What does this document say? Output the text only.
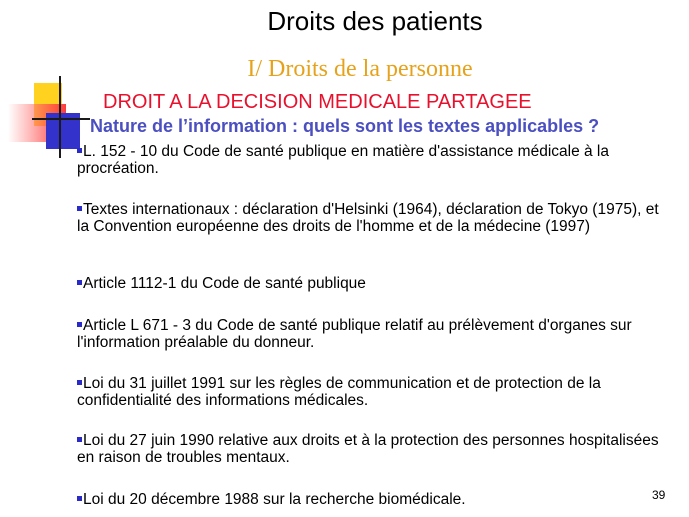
Droits des patients
I/ Droits de la personne
DROIT A LA DECISION MEDICALE PARTAGEE
Nature de l’information : quels sont les textes applicables ?
L. 152 - 10 du Code de santé publique en matière d'assistance médicale à la procréation.
Textes internationaux : déclaration d'Helsinki (1964), déclaration de Tokyo (1975), et la Convention européenne des droits de l'homme et de la médecine (1997)
Article 1112-1 du Code de santé publique
Article L 671 - 3 du Code de santé publique relatif au prélèvement d'organes sur l'information préalable du donneur.
Loi du 31 juillet 1991 sur les règles de communication et de protection de la confidentialité des informations médicales.
Loi du 27 juin 1990 relative aux droits et à la protection des personnes hospitalisées en raison de troubles mentaux.
Loi du 20 décembre 1988 sur la recherche biomédicale.	39
